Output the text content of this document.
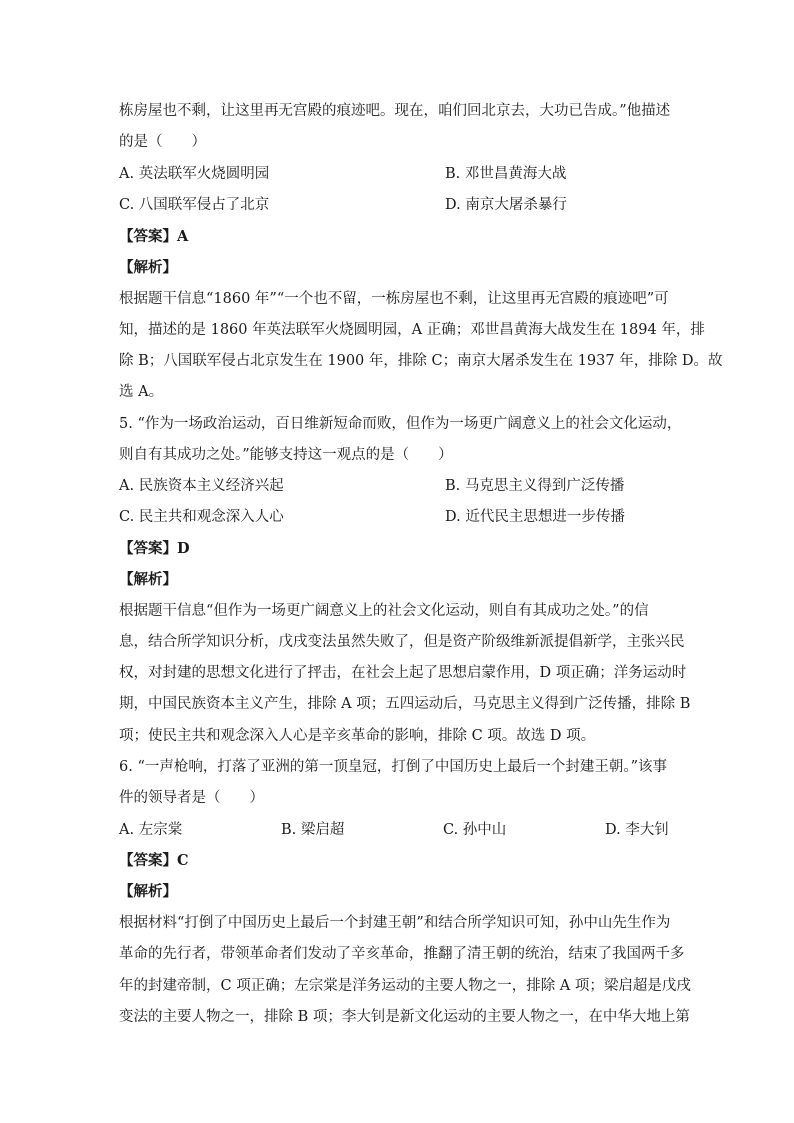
栋房屋也不剩，让这里再无宫殿的痕迹吧。现在，咱们回北京去，大功已告成。”他描述
的是（　　）
A. 英法联军火烧圆明园	B. 邓世昌黄海大战
C. 八国联军侵占了北京	D. 南京大屠杀暴行
【答案】A
【解析】
根据题干信息“1860 年”“一个也不留，一栋房屋也不剩，让这里再无宫殿的痕迹吧”可
知，描述的是 1860 年英法联军火烧圆明园，A 正确；邓世昌黄海大战发生在 1894 年，排
除 B；八国联军侵占北京发生在 1900 年，排除 C；南京大屠杀发生在 1937 年，排除 D。故
选 A。
5. “作为一场政治运动，百日维新短命而败，但作为一场更广阔意义上的社会文化运动，
则自有其成功之处。”能够支持这一观点的是（　　）
A. 民族资本主义经济兴起	B. 马克思主义得到广泛传播
C. 民主共和观念深入人心	D. 近代民主思想进一步传播
【答案】D
【解析】
根据题干信息“但作为一场更广阔意义上的社会文化运动，则自有其成功之处。”的信
息，结合所学知识分析，戊戌变法虽然失败了，但是资产阶级维新派提倡新学，主张兴民
权，对封建的思想文化进行了抨击，在社会上起了思想启蒙作用，D 项正确；洋务运动时
期，中国民族资本主义产生，排除 A 项；五四运动后，马克思主义得到广泛传播，排除 B
项；使民主共和观念深入人心是辛亥革命的影响，排除 C 项。故选 D 项。
6. “一声枪响，打落了亚洲的第一顶皇冠，打倒了中国历史上最后一个封建王朝。”该事
件的领导者是（　　）
A. 左宗棠	B. 梁启超	C. 孙中山	D. 李大钊
【答案】C
【解析】
根据材料“打倒了中国历史上最后一个封建王朝”和结合所学知识可知，孙中山先生作为
革命的先行者，带领革命者们发动了辛亥革命，推翻了清王朝的统治，结束了我国两千多
年的封建帝制，C 项正确；左宗棠是洋务运动的主要人物之一，排除 A 项；梁启超是戊戌
变法的主要人物之一，排除 B 项；李大钊是新文化运动的主要人物之一，在中华大地上第
